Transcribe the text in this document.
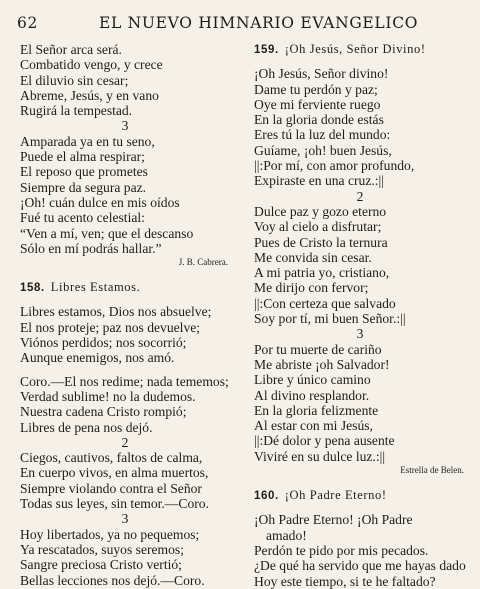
62	EL NUEVO HIMNARIO EVANGELICO
El Señor arca será.
Combatido vengo, y crece
El diluvio sin cesar;
Abreme, Jesús, y en vano
Rugirá la tempestad.
3
Amparada ya en tu seno,
Puede el alma respirar;
El reposo que prometes
Siempre da segura paz.
¡Oh! cuán dulce en mis oídos
Fué tu acento celestial:
“Ven a mí, ven; que el descanso
Sólo en mí podrás hallar.”
J. B. Cabrera.
158. Libres Estamos.
Libres estamos, Dios nos absuelve;
El nos proteje; paz nos devuelve;
Viónos perdidos; nos socorrió;
Aunque enemigos, nos amó.
Coro.—El nos redime; nada tememos;
Verdad sublime! no la dudemos.
Nuestra cadena Cristo rompió;
Libres de pena nos dejó.
2
Ciegos, cautivos, faltos de calma,
En cuerpo vivos, en alma muertos,
Siempre violando contra el Señor
Todas sus leyes, sin temor.—Coro.
3
Hoy libertados, ya no pequemos;
Ya rescatados, suyos seremos;
Sangre preciosa Cristo vertió;
Bellas lecciones nos dejó.—Coro.
159. ¡Oh Jesús, Señor Divino!
¡Oh Jesús, Señor divino!
Dame tu perdón y paz;
Oye mi ferviente ruego
En la gloria donde estás
Eres tú la luz del mundo:
Guíame, ¡oh! buen Jesús,
||:Por mí, con amor profundo,
Expiraste en una cruz.:||
2
Dulce paz y gozo eterno
Voy al cielo a disfrutar;
Pues de Cristo la ternura
Me convida sin cesar.
A mi patria yo, cristiano,
Me dirijo con fervor;
||:Con certeza que salvado
Soy por tí, mi buen Señor.:||
3
Por tu muerte de cariño
Me abriste ¡oh Salvador!
Libre y único camino
Al divino resplandor.
En la gloria felizmente
Al estar con mi Jesús,
||:Dé dolor y pena ausente
Viviré en su dulce luz.:||
Estrella de Belen.
160. ¡Oh Padre Eterno!
¡Oh Padre Eterno! ¡Oh Padre
amado!
Perdón te pido por mis pecados.
¿De qué ha servido que me hayas dado
Hoy este tiempo, si te he faltado?
